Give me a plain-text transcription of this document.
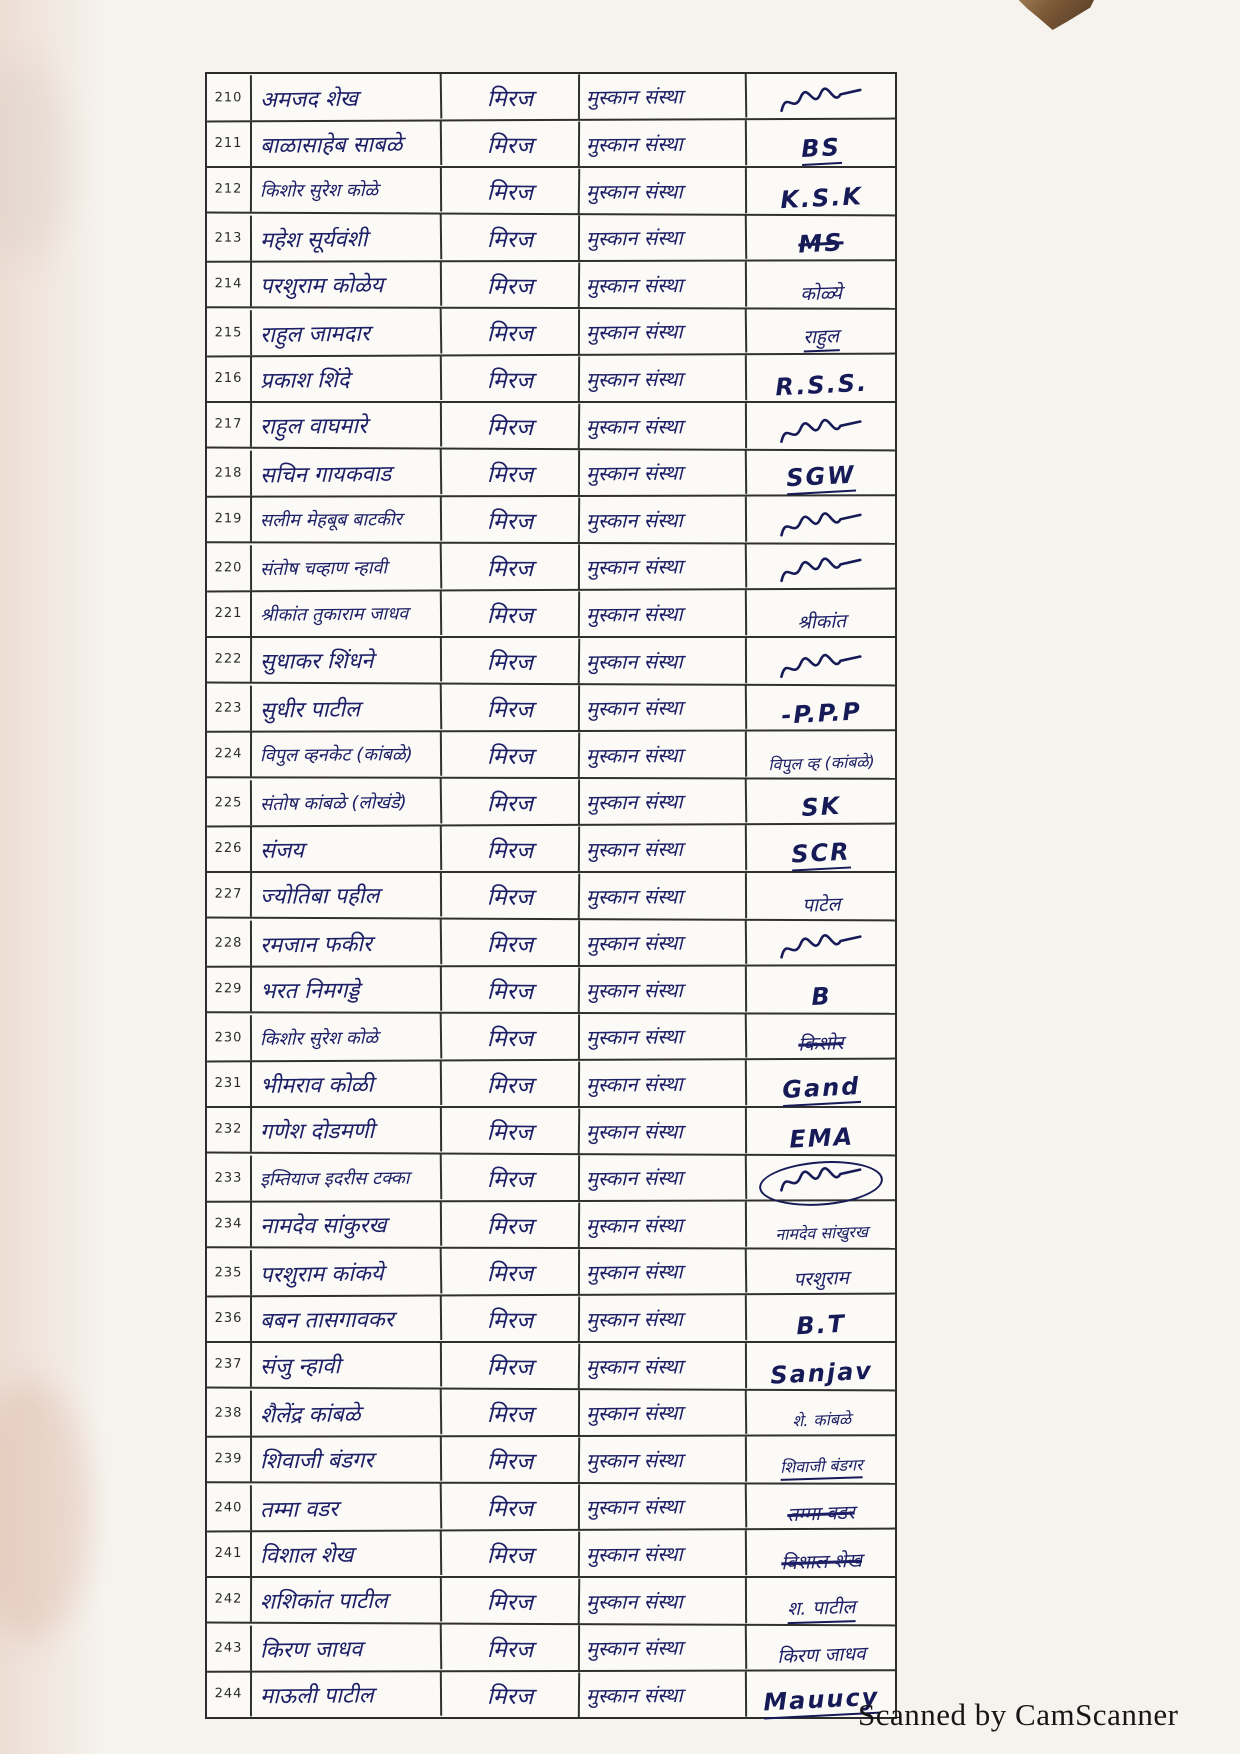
210 अमजद शेख	मिरज	मुस्कान संस्था
211 बाळासाहेब साबळे	मिरज	मुस्कान संस्था	BS
212 किशोर सुरेश कोळे	मिरज	मुस्कान संस्था	K.S.K
213 महेश सूर्यवंशी	मिरज	मुस्कान संस्था	MS
214 परशुराम कोळेय	मिरज	मुस्कान संस्था	कोळ्ये
215 राहुल जामदार	मिरज	मुस्कान संस्था	राहुल
216 प्रकाश शिंदे	मिरज	मुस्कान संस्था	R.S.S.
217 राहुल वाघमारे	मिरज	मुस्कान संस्था
218 सचिन गायकवाड	मिरज	मुस्कान संस्था	SGW
219 सलीम मेहबूब बाटकीर	मिरज	मुस्कान संस्था
220 संतोष चव्हाण न्हावी	मिरज	मुस्कान संस्था
221 श्रीकांत तुकाराम जाधव	मिरज	मुस्कान संस्था	श्रीकांत
222 सुधाकर शिंधने	मिरज	मुस्कान संस्था
223 सुधीर पाटील	मिरज	मुस्कान संस्था	-P.P.P
224 विपुल व्हनकेट (कांबळे)	मिरज	मुस्कान संस्था	विपुल व्ह (कांबळे)
225 संतोष कांबळे (लोखंडे)	मिरज	मुस्कान संस्था	SK
226 संजय	मिरज	मुस्कान संस्था	SCR
227 ज्योतिबा पहील	मिरज	मुस्कान संस्था	पाटेल
228 रमजान फकीर	मिरज	मुस्कान संस्था
229 भरत निमगड्डे	मिरज	मुस्कान संस्था	B
230 किशोर सुरेश कोळे	मिरज	मुस्कान संस्था	किशोर
231 भीमराव कोळी	मिरज	मुस्कान संस्था	Gand
232 गणेश दोडमणी	मिरज	मुस्कान संस्था	EMA
233 इम्तियाज इदरीस टक्का	मिरज	मुस्कान संस्था
234 नामदेव सांकुरख	मिरज	मुस्कान संस्था	नामदेव सांखुरख
235 परशुराम कांकये	मिरज	मुस्कान संस्था	परशुराम
236 बबन तासगावकर	मिरज	मुस्कान संस्था	B.T
237 संजु न्हावी	मिरज	मुस्कान संस्था	Sanjav
238 शैलेंद्र कांबळे	मिरज	मुस्कान संस्था	शे. कांबळे
239 शिवाजी बंडगर	मिरज	मुस्कान संस्था	शिवाजी बंडगर
240 तम्मा वडर	मिरज	मुस्कान संस्था	तम्मा वडर
241 विशाल शेख	मिरज	मुस्कान संस्था	विशाल शेख
242 शशिकांत पाटील	मिरज	मुस्कान संस्था	श. पाटील
243 किरण जाधव	मिरज	मुस्कान संस्था	किरण जाधव
244 माऊली पाटील	मिरज	मुस्कान संस्था	Mauucy
Scanned by CamScanner
